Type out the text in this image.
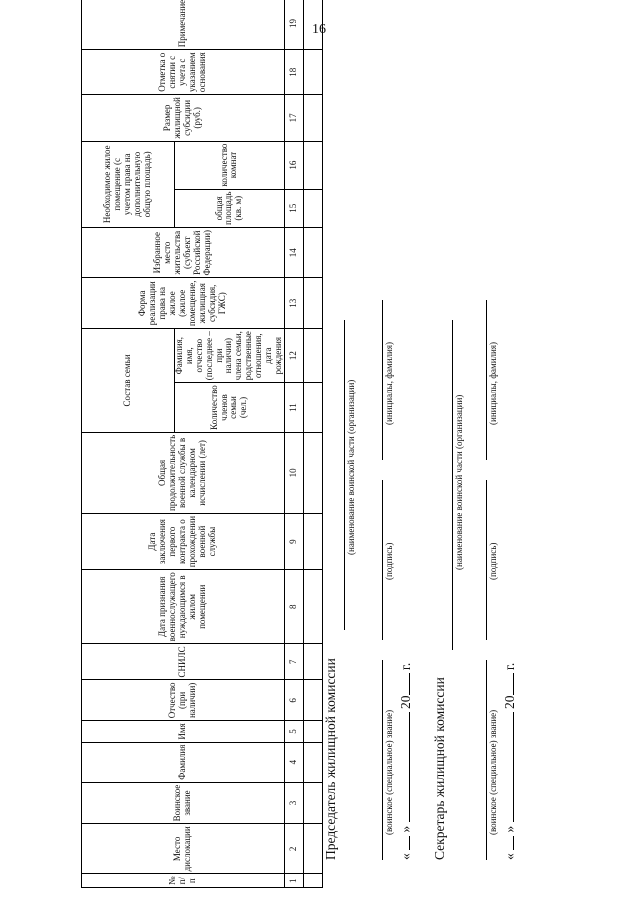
16
№ п/п	Место дислокации	Воинское звание	Фамилия	Имя	Отчество (при наличии)	СНИЛС	Дата признания военнослужащего нуждающимся в жилом помещении	Дата заключения первого контракта о прохождении военной службы	Общая продолжительность военной службы в календарном исчислении (лет)	Состав семьи		Форма реализации права на жилое (жилое помещение, жилищная субсидия, ГЖС)	Избранное место жительства (субъект Российской Федерации)	Необходимое жилое помещение (с учетом права на дополнительную общую площадь)		Размер жилищной субсидии (руб.)	Отметка о снятии с учета с указанием основания	Примечание
										Количество членов семьи (чел.)	Фамилия, имя, отчество (последнее – при наличии) члена семьи, родственные отношения, дата рождения			общая площадь (кв. м)	количество комнат			
1	2	3	4	5	6	7	8	9	10	11	12	13	14	15	16	17	18	19

Председатель жилищной комиссии
(наименование воинской части (организации)
(воинское (специальное) звание)
(подпись)
(инициалы, фамилия)
«  »  20 г.
Секретарь жилищной комиссии
(наименование воинской части (организации)
(воинское (специальное) звание)
(подпись)
(инициалы, фамилия)
«  »  20 г.
